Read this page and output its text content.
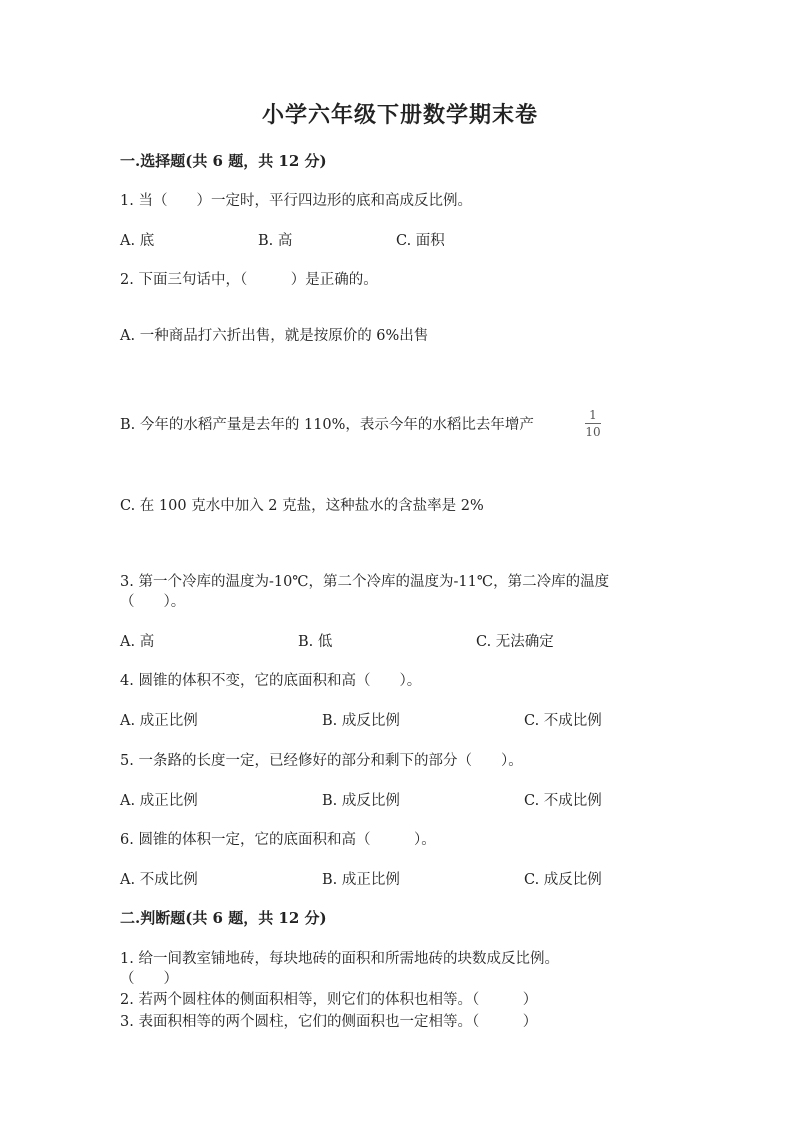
小学六年级下册数学期末卷
一.选择题(共 6 题，共 12 分)
1. 当（　　）一定时，平行四边形的底和高成反比例。
A. 底	B. 高	C. 面积
2. 下面三句话中，（　　　）是正确的。
A. 一种商品打六折出售，就是按原价的 6%出售
B. 今年的水稻产量是去年的 110%，表示今年的水稻比去年增产
1
10
C. 在 100 克水中加入 2 克盐，这种盐水的含盐率是 2%
3. 第一个冷库的温度为-10℃，第二个冷库的温度为-11℃，第二冷库的温度
（　　）。
A. 高	B. 低	C. 无法确定
4. 圆锥的体积不变，它的底面积和高（　　）。
A. 成正比例	B. 成反比例	C. 不成比例
5. 一条路的长度一定，已经修好的部分和剩下的部分（　　）。
A. 成正比例	B. 成反比例	C. 不成比例
6. 圆锥的体积一定，它的底面积和高（　　　）。
A. 不成比例	B. 成正比例	C. 成反比例
二.判断题(共 6 题，共 12 分)
1. 给一间教室铺地砖，每块地砖的面积和所需地砖的块数成反比例。
（　　）
2. 若两个圆柱体的侧面积相等，则它们的体积也相等。（　　　）
3. 表面积相等的两个圆柱，它们的侧面积也一定相等。（　　　）
